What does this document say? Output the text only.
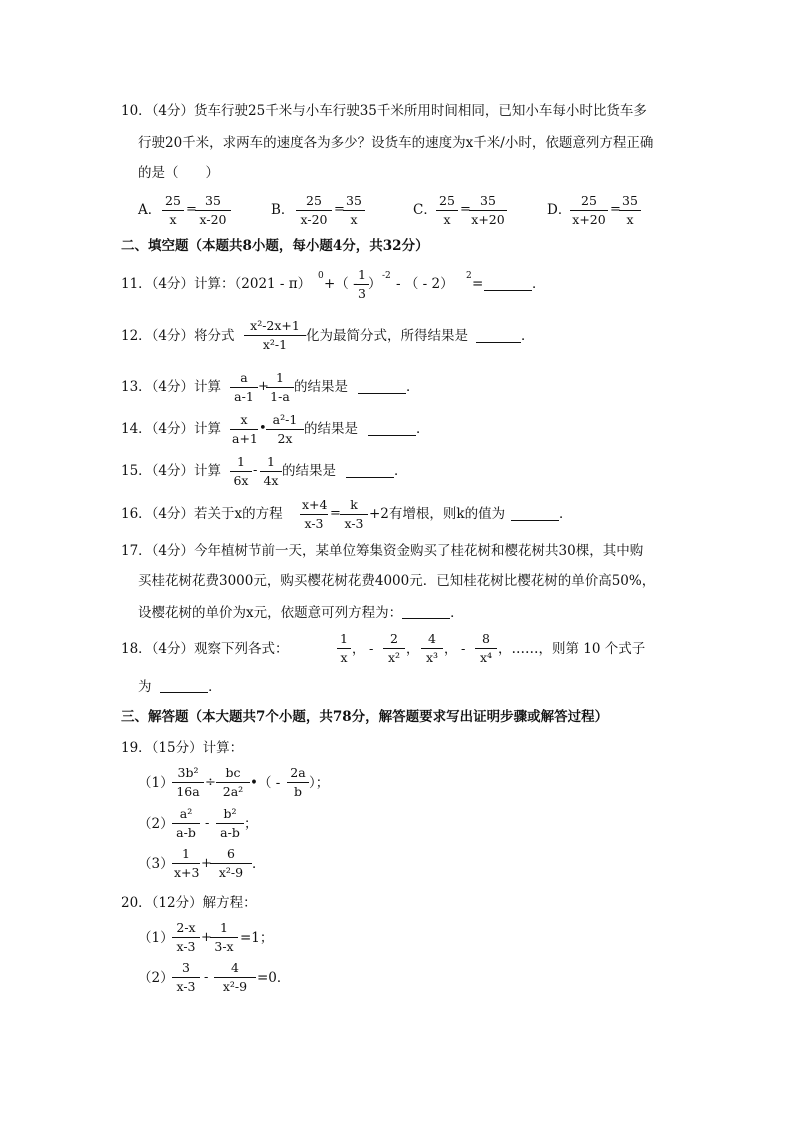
10．（4分）货车行驶25千米与小车行驶35千米所用时间相同，已知小车每小时比货车多
行驶20千米，求两车的速度各为多少？设货车的速度为x千米/小时，依题意列方程正确
的是（　　）
A． $\frac{25}{x}$ =
$\frac{35}{x-20}$	B． $\frac{25}{x-20}$ =
$\frac{35}{x}$	C． $\frac{25}{x}$ =
$\frac{35}{x+20}$	D．
$\frac{25}{x+20}$ =
$\frac{35}{x}$
二、填空题（本题共8小题，每小题4分，共32分）
11．（4分）计算：（2021 - π） 0 +（ -
$\frac{1}{3}$ ） -2 - （ - 2） 2 =	．
12．（4分）将分式 $\frac{\text{x²-2x+1}}{\text{x²-1}}$ 化为最简分式，所得结果是	．
13．（4分）计算 $\frac{a}{a-1}$ +
$\frac{1}{1-a}$ 的结果是	．
14．（4分）计算 $\frac{x}{a+1}$ • $\frac{\text{a²-1}}{2x}$ 的结果是	．
15．（4分）计算 $\frac{1}{6x} - \frac{1}{4x}$ 的结果是	．
16．（4分）若关于x的方程 $\frac{x+4}{x-3} = \frac{k}{x-3} +2$有增根，则k的值为	．
17．（4分）今年植树节前一天，某单位筹集资金购买了桂花树和樱花树共30棵，其中购
买桂花树花费3000元，购买樱花树花费4000元．已知桂花树比樱花树的单价高50%，
设樱花树的单价为x元，依题意可列方程为：	．
18．（4分）观察下列各式：	$\frac{1}{x}$ ， - $\frac{2}{\text{x²}}$ ， $\frac{4}{\text{x³}}$ ， - $\frac{8}{\text{x⁴}}$ ，……，则第 10 个式子
为	．
三、解答题（本大题共7个小题，共78分，解答题要求写出证明步骤或解答过程）
19．（15分）计算：
（1）
$\frac{\text{3b²}}{16a} \div \frac{bc}{\text{2a²}}$ •（ - $\frac{2a}{b}$ ）；
（2）
$\frac{\text{a²}}{a-b} - \frac{\text{b²}}{a-b}$ ；
（3）
$\frac{1}{x+3}$ +
$\frac{6}{\text{x²-9}}$ ．
20．（12分）解方程：
（1）
$\frac{2-x}{x-3}$ +
$\frac{1}{3-x} =1$；
（2）
$\frac{3}{x-3} - \frac{4}{\text{x²-9}} =0$．
